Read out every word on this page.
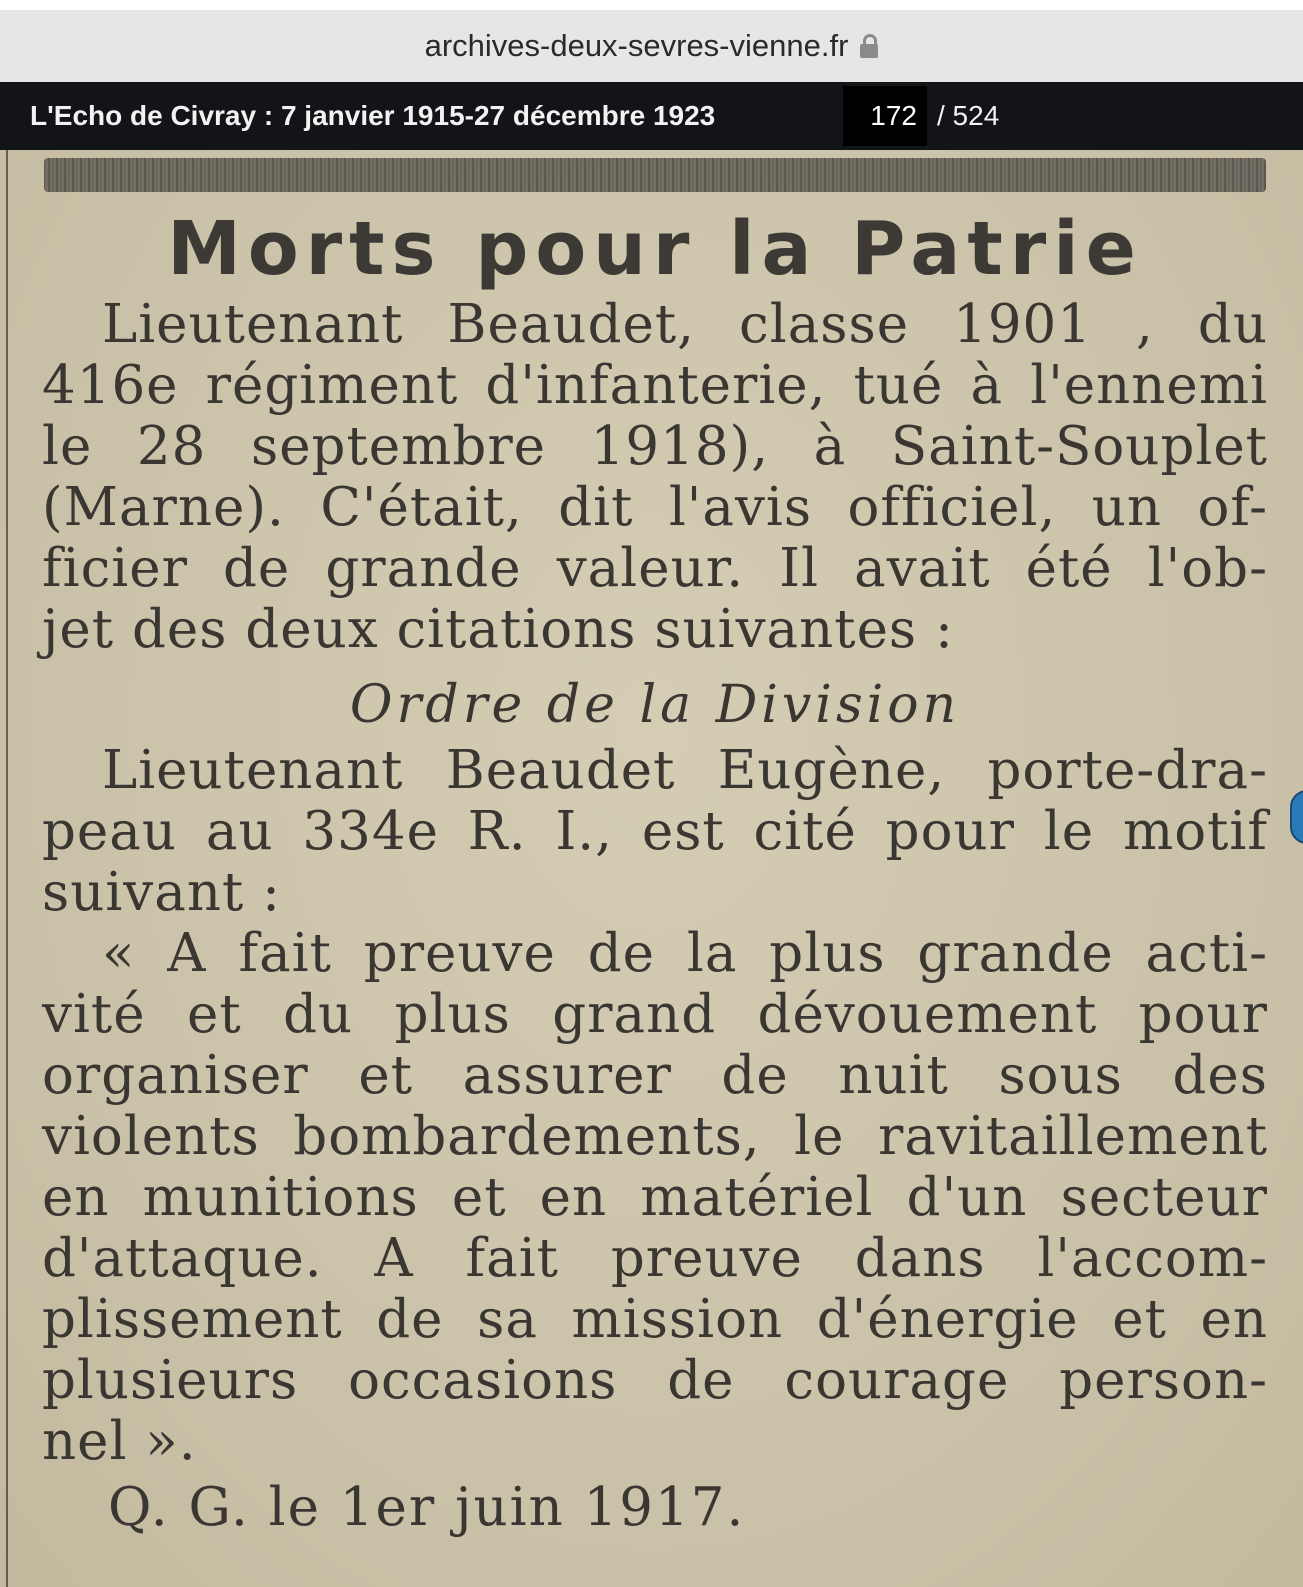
archives-deux-sevres-vienne.fr
L'Echo de Civray : 7 janvier 1915-27 décembre 1923
172	/ 524
Morts pour la Patrie
Lieutenant Beaudet, classe 1901 , du
416e régiment d'infanterie, tué à l'ennemi
le 28 septembre 1918), à Saint-Souplet
(Marne). C'était, dit l'avis officiel, un of-
ficier de grande valeur. Il avait été l'ob-
jet des deux citations suivantes :
Ordre de la Division
Lieutenant Beaudet Eugène, porte-dra-
peau au 334e R. I., est cité pour le motif
suivant :
« A fait preuve de la plus grande acti-
vité et du plus grand dévouement pour
organiser et assurer de nuit sous des
violents bombardements, le ravitaillement
en munitions et en matériel d'un secteur
d'attaque. A fait preuve dans l'accom-
plissement de sa mission d'énergie et en
plusieurs occasions de courage person-
nel ».
Q. G. le 1er juin 1917.
